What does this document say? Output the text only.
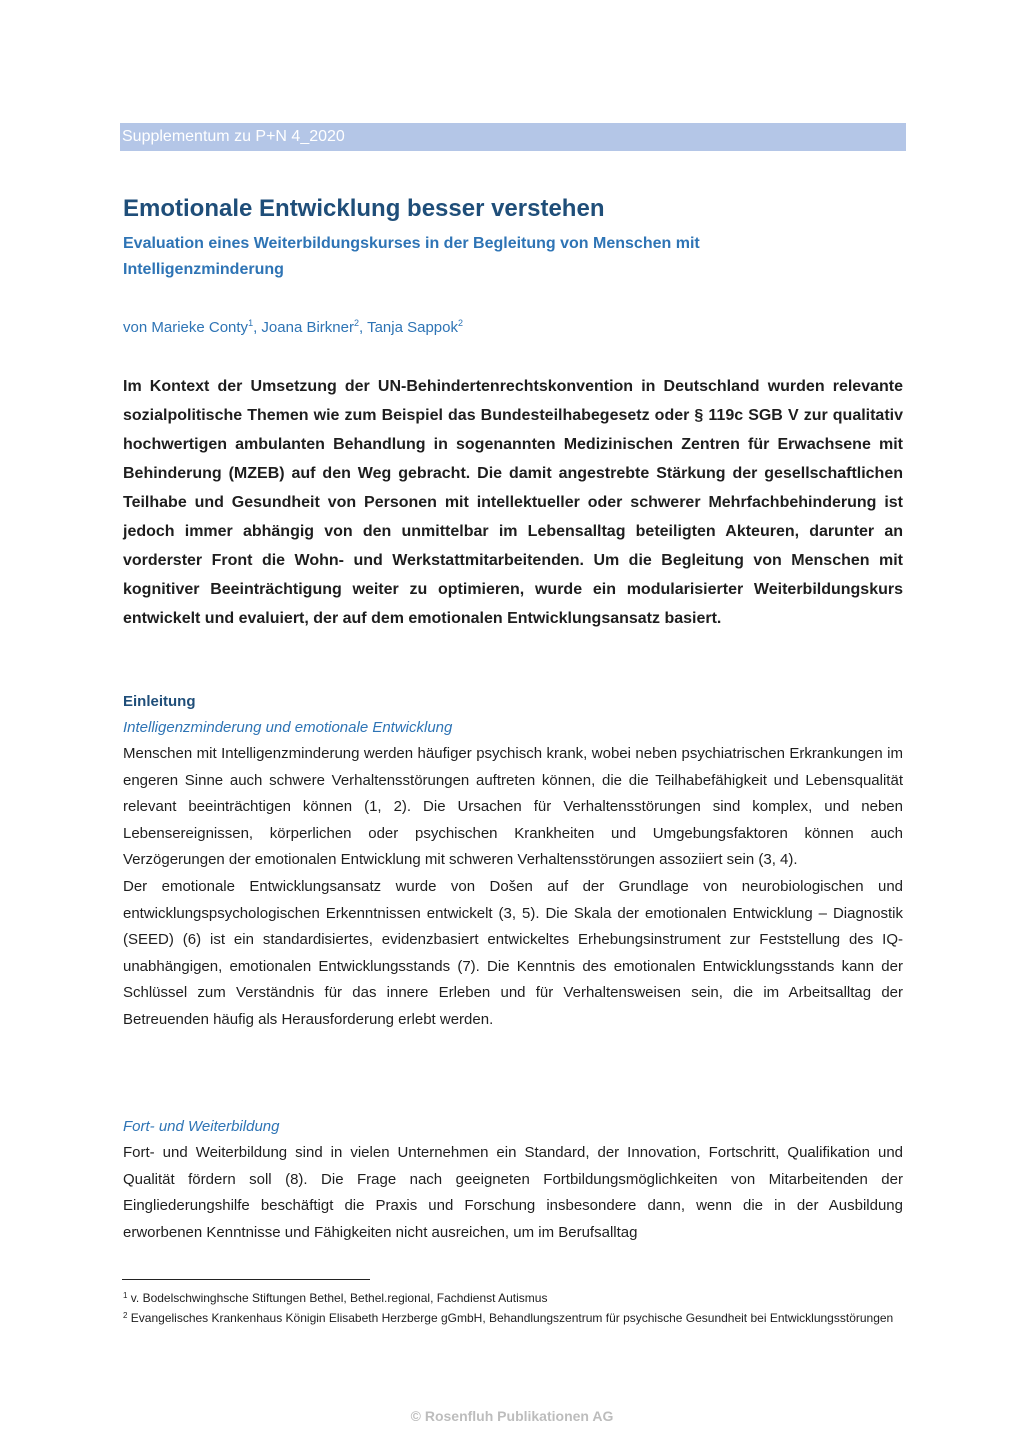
Supplementum zu P+N 4_2020
Emotionale Entwicklung besser verstehen
Evaluation eines Weiterbildungskurses in der Begleitung von Menschen mit Intelligenzminderung
von Marieke Conty$^1$, Joana Birkner$^2$, Tanja Sappok$^2$
Im Kontext der Umsetzung der UN-Behindertenrechtskonvention in Deutschland wurden relevante sozialpolitische Themen wie zum Beispiel das Bundesteilhabegesetz oder § 119c SGB V zur qualitativ hochwertigen ambulanten Behandlung in sogenannten Medizinischen Zentren für Erwachsene mit Behinderung (MZEB) auf den Weg gebracht. Die damit angestrebte Stärkung der gesellschaftlichen Teilhabe und Gesundheit von Personen mit intellektueller oder schwerer Mehrfachbehinderung ist jedoch immer abhängig von den unmittelbar im Lebensalltag beteiligten Akteuren, darunter an vorderster Front die Wohn- und Werkstattmitarbeitenden. Um die Begleitung von Menschen mit kognitiver Beeinträchtigung weiter zu optimieren, wurde ein modularisierter Weiterbildungskurs entwickelt und evaluiert, der auf dem emotionalen Entwicklungsansatz basiert.
Einleitung
Intelligenzminderung und emotionale Entwicklung

Menschen mit Intelligenzminderung werden häufiger psychisch krank, wobei neben psychiatrischen Erkrankungen im engeren Sinne auch schwere Verhaltensstörungen auftreten können, die die Teilhabefähigkeit und Lebensqualität relevant beeinträchtigen können (1, 2). Die Ursachen für Verhaltensstörungen sind komplex, und neben Lebensereignissen, körperlichen oder psychischen Krankheiten und Umgebungsfaktoren können auch Verzögerungen der emotionalen Entwicklung mit schweren Verhaltensstörungen assoziiert sein (3, 4).

Der emotionale Entwicklungsansatz wurde von Došen auf der Grundlage von neurobiologischen und entwicklungspsychologischen Erkenntnissen entwickelt (3, 5). Die Skala der emotionalen Entwicklung – Diagnostik (SEED) (6) ist ein standardisiertes, evidenzbasiert entwickeltes Erhebungsinstrument zur Feststellung des IQ-unabhängigen, emotionalen Entwicklungsstands (7). Die Kenntnis des emotionalen Entwicklungsstands kann der Schlüssel zum Verständnis für das innere Erleben und für Verhaltensweisen sein, die im Arbeitsalltag der Betreuenden häufig als Herausforderung erlebt werden.

Fort- und Weiterbildung

Fort- und Weiterbildung sind in vielen Unternehmen ein Standard, der Innovation, Fortschritt, Qualifikation und Qualität fördern soll (8). Die Frage nach geeigneten Fortbildungsmöglichkeiten von Mitarbeitenden der Eingliederungshilfe beschäftigt die Praxis und Forschung insbesondere dann, wenn die in der Ausbildung erworbenen Kenntnisse und Fähigkeiten nicht ausreichen, um im Berufsalltag

$^1$ v. Bodelschwinghsche Stiftungen Bethel, Bethel.regional, Fachdienst Autismus

$^2$ Evangelisches Krankenhaus Königin Elisabeth Herzberge gGmbH, Behandlungszentrum für psychische Gesundheit bei Entwicklungsstörungen

© Rosenfluh Publikationen AG
